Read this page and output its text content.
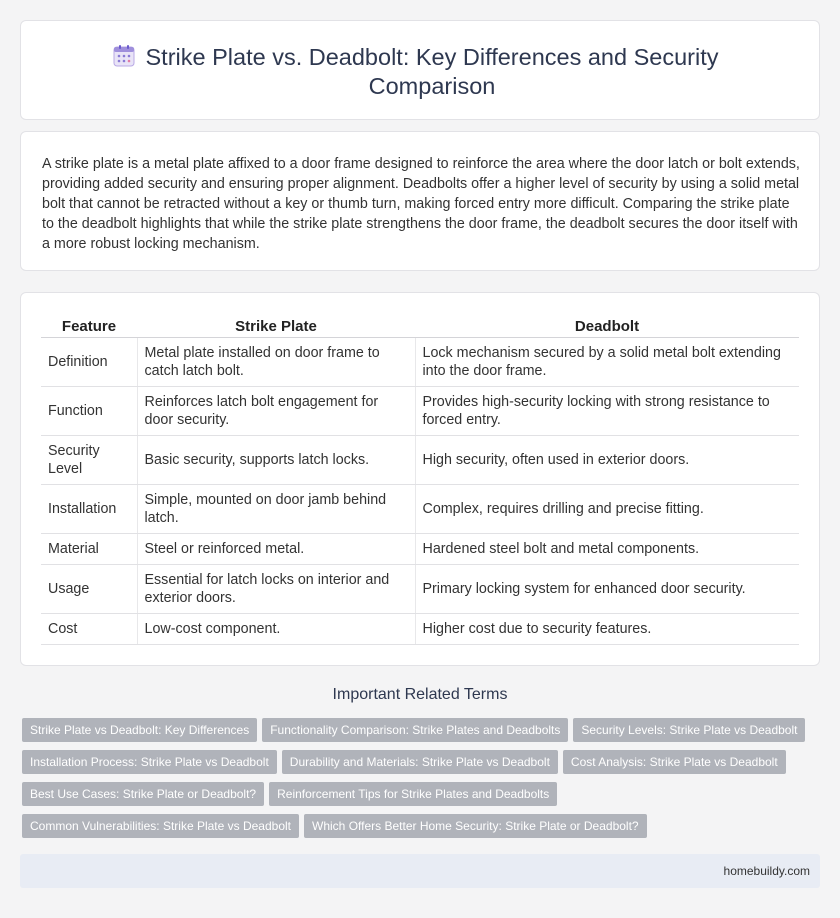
Strike Plate vs. Deadbolt: Key Differences and Security Comparison

A strike plate is a metal plate affixed to a door frame designed to reinforce the area where the door latch or bolt extends, providing added security and ensuring proper alignment. Deadbolts offer a higher level of security by using a solid metal bolt that cannot be retracted without a key or thumb turn, making forced entry more difficult. Comparing the strike plate to the deadbolt highlights that while the strike plate strengthens the door frame, the deadbolt secures the door itself with a more robust locking mechanism.

Feature	Strike Plate	Deadbolt
Definition	Metal plate installed on door frame to catch latch bolt.	Lock mechanism secured by a solid metal bolt extending into the door frame.
Function	Reinforces latch bolt engagement for door security.	Provides high-security locking with strong resistance to forced entry.
Security Level	Basic security, supports latch locks.	High security, often used in exterior doors.
Installation	Simple, mounted on door jamb behind latch.	Complex, requires drilling and precise fitting.
Material	Steel or reinforced metal.	Hardened steel bolt and metal components.
Usage	Essential for latch locks on interior and exterior doors.	Primary locking system for enhanced door security.
Cost	Low-cost component.	Higher cost due to security features.
Important Related Terms
Strike Plate vs Deadbolt: Key Differences Functionality Comparison: Strike Plates and Deadbolts Security Levels: Strike Plate vs Deadbolt
Installation Process: Strike Plate vs Deadbolt Durability and Materials: Strike Plate vs Deadbolt Cost Analysis: Strike Plate vs Deadbolt
Best Use Cases: Strike Plate or Deadbolt? Reinforcement Tips for Strike Plates and Deadbolts
Common Vulnerabilities: Strike Plate vs Deadbolt Which Offers Better Home Security: Strike Plate or Deadbolt?
homebuildy.com
